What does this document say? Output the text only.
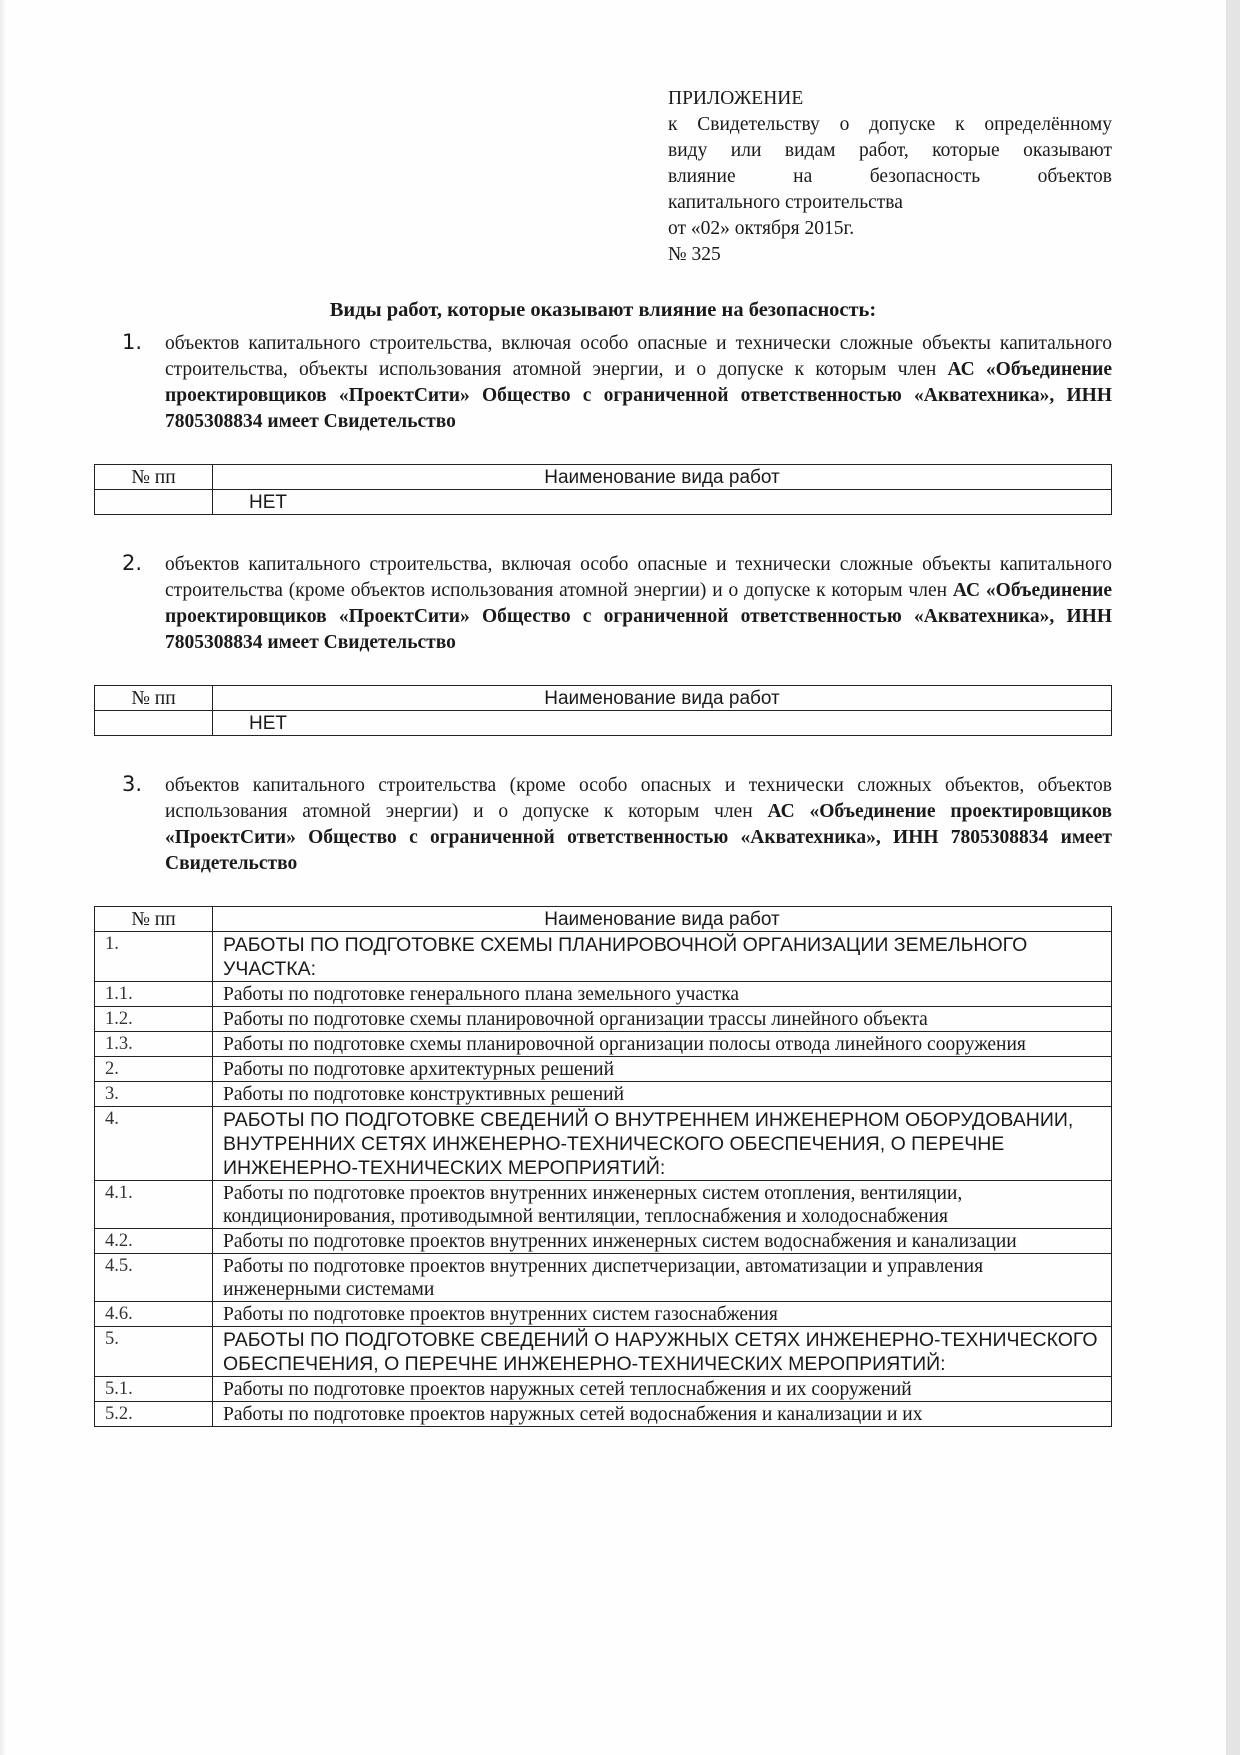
ПРИЛОЖЕНИЕ
к Свидетельству о допуске к определённому
виду или видам работ, которые оказывают
влияние на безопасность объектов
капитального строительства
от «02» октября 2015г.
№ 325
Виды работ, которые оказывают влияние на безопасность:
1.	объектов капитального строительства, включая особо опасные и технически сложные объекты капитального строительства, объекты использования атомной энергии, и о допуске к которым член АС «Объединение проектировщиков «ПроектСити» Общество с ограниченной ответственностью «Акватехника», ИНН 7805308834 имеет Свидетельство
№ пп	Наименование вида работ
	НЕТ
2.	объектов капитального строительства, включая особо опасные и технически сложные объекты капитального строительства (кроме объектов использования атомной энергии) и о допуске к которым член АС «Объединение проектировщиков «ПроектСити» Общество с ограниченной ответственностью «Акватехника», ИНН 7805308834 имеет Свидетельство
№ пп	Наименование вида работ
	НЕТ
3.	объектов капитального строительства (кроме особо опасных и технически сложных объектов, объектов использования атомной энергии) и о допуске к которым член АС «Объединение проектировщиков «ПроектСити» Общество с ограниченной ответственностью «Акватехника», ИНН 7805308834 имеет Свидетельство
№ пп	Наименование вида работ
1.	РАБОТЫ ПО ПОДГОТОВКЕ СХЕМЫ ПЛАНИРОВОЧНОЙ ОРГАНИЗАЦИИ ЗЕМЕЛЬНОГО УЧАСТКА:
1.1.	Работы по подготовке генерального плана земельного участка
1.2.	Работы по подготовке схемы планировочной организации трассы линейного объекта
1.3.	Работы по подготовке схемы планировочной организации полосы отвода линейного сооружения
2.	Работы по подготовке архитектурных решений
3.	Работы по подготовке конструктивных решений
4.	РАБОТЫ ПО ПОДГОТОВКЕ СВЕДЕНИЙ О ВНУТРЕННЕМ ИНЖЕНЕРНОМ ОБОРУДОВАНИИ, ВНУТРЕННИХ СЕТЯХ ИНЖЕНЕРНО-ТЕХНИЧЕСКОГО ОБЕСПЕЧЕНИЯ, О ПЕРЕЧНЕ ИНЖЕНЕРНО-ТЕХНИЧЕСКИХ МЕРОПРИЯТИЙ:
4.1.	Работы по подготовке проектов внутренних инженерных систем отопления, вентиляции, кондиционирования, противодымной вентиляции, теплоснабжения и холодоснабжения
4.2.	Работы по подготовке проектов внутренних инженерных систем водоснабжения и канализации
4.5.	Работы по подготовке проектов внутренних диспетчеризации, автоматизации и управления инженерными системами
4.6.	Работы по подготовке проектов внутренних систем газоснабжения
5.	РАБОТЫ ПО ПОДГОТОВКЕ СВЕДЕНИЙ О НАРУЖНЫХ СЕТЯХ ИНЖЕНЕРНО-ТЕХНИЧЕСКОГО ОБЕСПЕЧЕНИЯ, О ПЕРЕЧНЕ ИНЖЕНЕРНО-ТЕХНИЧЕСКИХ МЕРОПРИЯТИЙ:
5.1.	Работы по подготовке проектов наружных сетей теплоснабжения и их сооружений
5.2.	Работы по подготовке проектов наружных сетей водоснабжения и канализации и их
